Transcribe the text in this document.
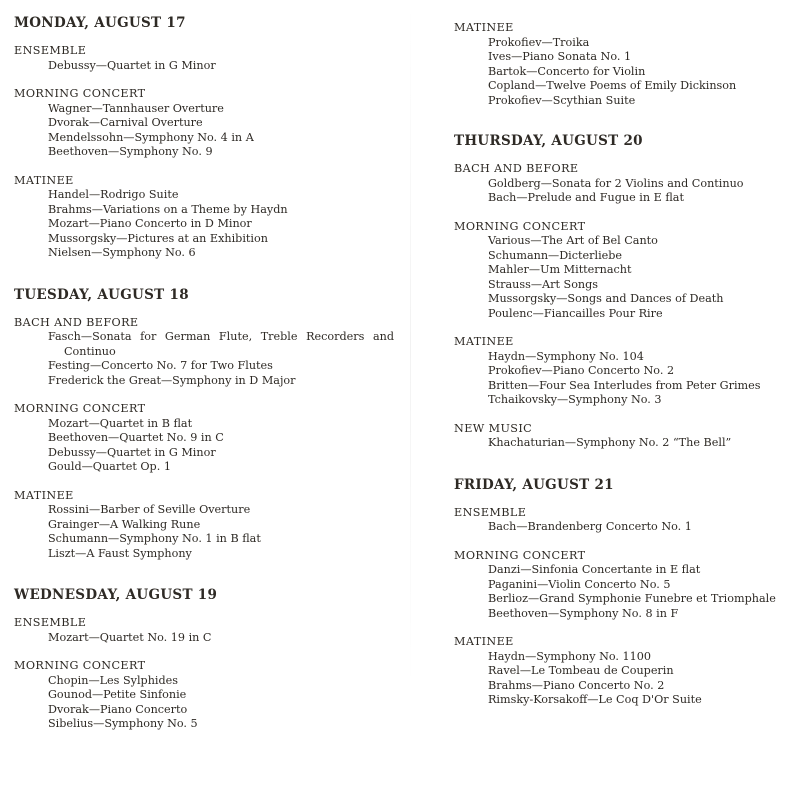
MONDAY, AUGUST 17
ENSEMBLE
Debussy—Quartet in G Minor
MORNING CONCERT
Wagner—Tannhauser Overture
Dvorak—Carnival Overture
Mendelssohn—Symphony No. 4 in A
Beethoven—Symphony No. 9
MATINEE
Handel—Rodrigo Suite
Brahms—Variations on a Theme by Haydn
Mozart—Piano Concerto in D Minor
Mussorgsky—Pictures at an Exhibition
Nielsen—Symphony No. 6
TUESDAY, AUGUST 18
BACH AND BEFORE
Fasch—Sonata for German Flute, Treble Recorders and
Continuo
Festing—Concerto No. 7 for Two Flutes
Frederick the Great—Symphony in D Major
MORNING CONCERT
Mozart—Quartet in B flat
Beethoven—Quartet No. 9 in C
Debussy—Quartet in G Minor
Gould—Quartet Op. 1
MATINEE
Rossini—Barber of Seville Overture
Grainger—A Walking Rune
Schumann—Symphony No. 1 in B flat
Liszt—A Faust Symphony
WEDNESDAY, AUGUST 19
ENSEMBLE
Mozart—Quartet No. 19 in C
MORNING CONCERT
Chopin—Les Sylphides
Gounod—Petite Sinfonie
Dvorak—Piano Concerto
Sibelius—Symphony No. 5
MATINEE
Prokofiev—Troika
Ives—Piano Sonata No. 1
Bartok—Concerto for Violin
Copland—Twelve Poems of Emily Dickinson
Prokofiev—Scythian Suite
THURSDAY, AUGUST 20
BACH AND BEFORE
Goldberg—Sonata for 2 Violins and Continuo
Bach—Prelude and Fugue in E flat
MORNING CONCERT
Various—The Art of Bel Canto
Schumann—Dicterliebe
Mahler—Um Mitternacht
Strauss—Art Songs
Mussorgsky—Songs and Dances of Death
Poulenc—Fiancailles Pour Rire
MATINEE
Haydn—Symphony No. 104
Prokofiev—Piano Concerto No. 2
Britten—Four Sea Interludes from Peter Grimes
Tchaikovsky—Symphony No. 3
NEW MUSIC
Khachaturian—Symphony No. 2 “The Bell”
FRIDAY, AUGUST 21
ENSEMBLE
Bach—Brandenberg Concerto No. 1
MORNING CONCERT
Danzi—Sinfonia Concertante in E flat
Paganini—Violin Concerto No. 5
Berlioz—Grand Symphonie Funebre et Triomphale
Beethoven—Symphony No. 8 in F
MATINEE
Haydn—Symphony No. 1100
Ravel—Le Tombeau de Couperin
Brahms—Piano Concerto No. 2
Rimsky-Korsakoff—Le Coq D'Or Suite
